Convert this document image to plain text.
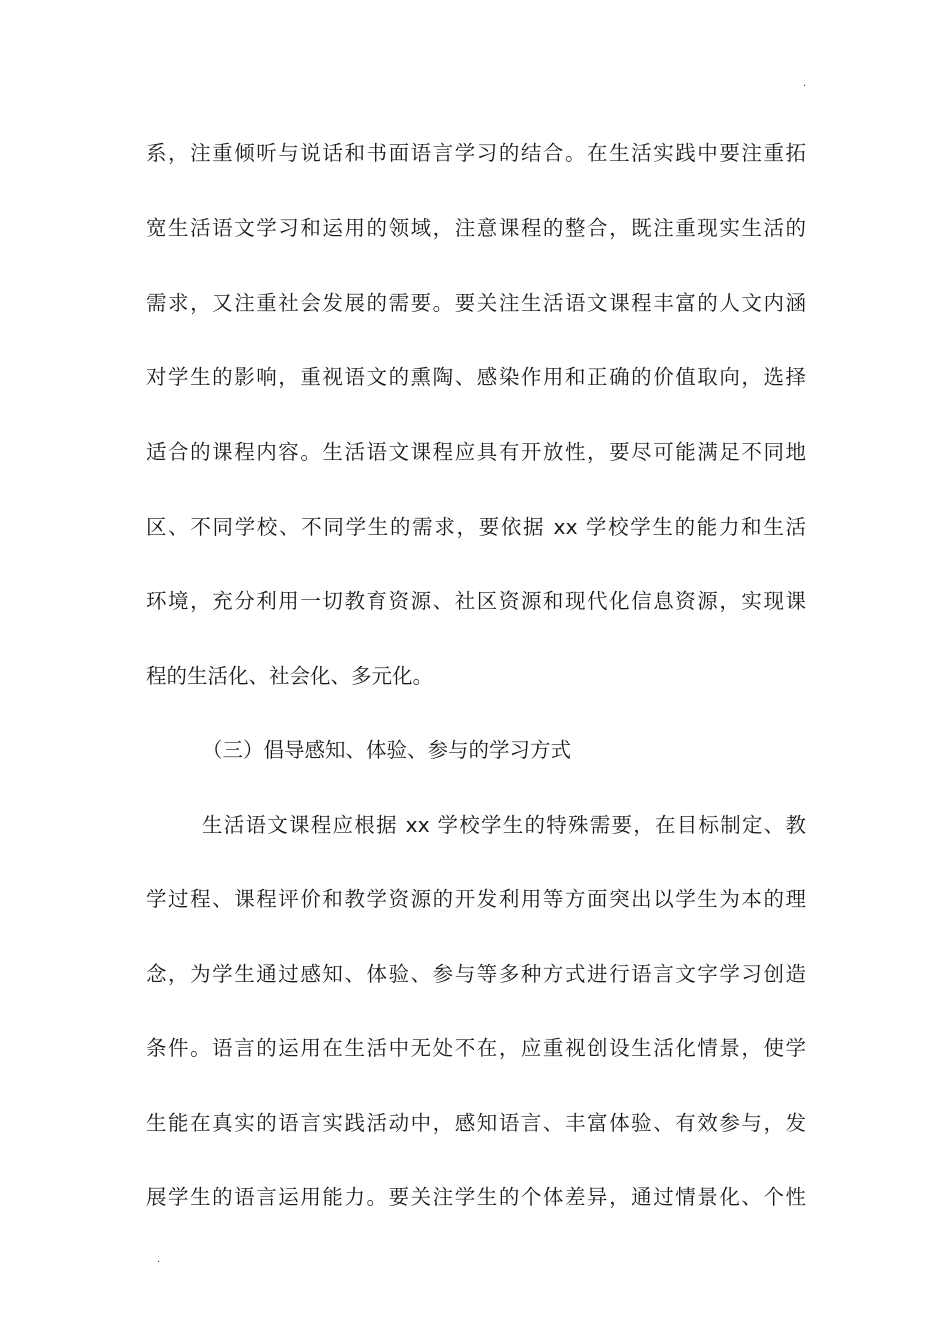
·
系，注重倾听与说话和书面语言学习的结合。在生活实践中要注重拓
宽生活语文学习和运用的领域，注意课程的整合，既注重现实生活的
需求，又注重社会发展的需要。要关注生活语文课程丰富的人文内涵
对学生的影响，重视语文的熏陶、感染作用和正确的价值取向，选择
适合的课程内容。生活语文课程应具有开放性，要尽可能满足不同地
区、不同学校、不同学生的需求，要依据 xx 学校学生的能力和生活
环境，充分利用一切教育资源、社区资源和现代化信息资源，实现课
程的生活化、社会化、多元化。
（三）倡导感知、体验、参与的学习方式
生活语文课程应根据 xx 学校学生的特殊需要，在目标制定、教
学过程、课程评价和教学资源的开发利用等方面突出以学生为本的理
念，为学生通过感知、体验、参与等多种方式进行语言文字学习创造
条件。语言的运用在生活中无处不在，应重视创设生活化情景，使学
生能在真实的语言实践活动中，感知语言、丰富体验、有效参与，发
展学生的语言运用能力。要关注学生的个体差异，通过情景化、个性
·
